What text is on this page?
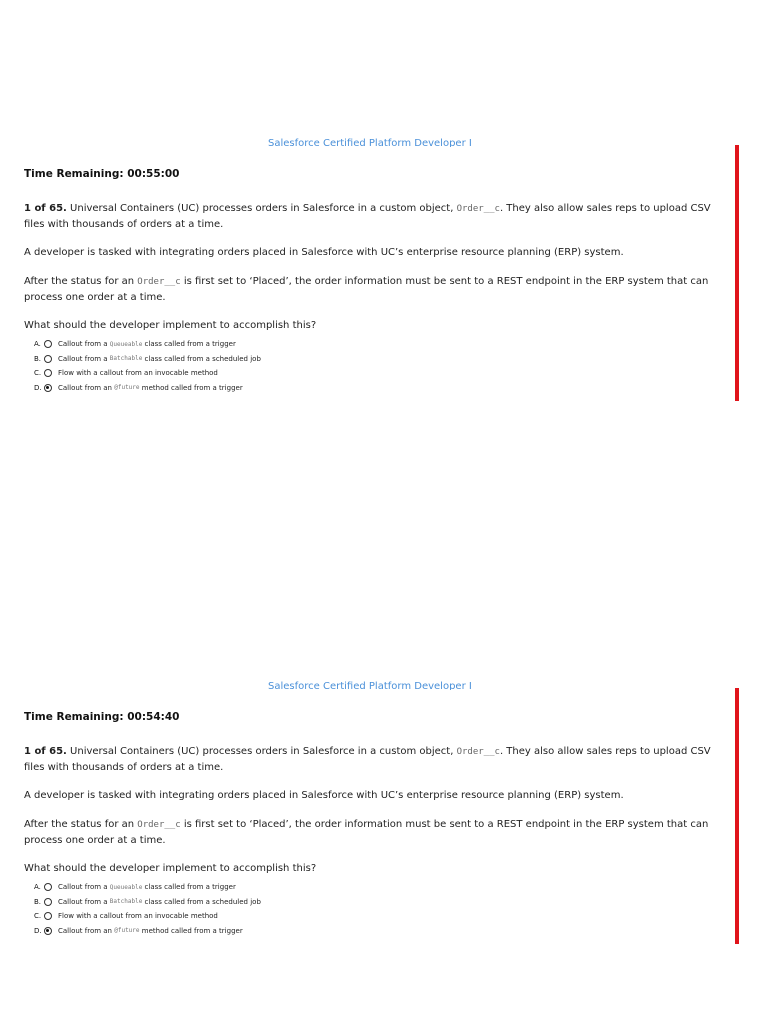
Salesforce Certified Platform Developer I
Time Remaining: 00:55:00
1 of 65. Universal Containers (UC) processes orders in Salesforce in a custom object, Order__c. They also allow sales reps to upload CSV files with thousands of orders at a time.
A developer is tasked with integrating orders placed in Salesforce with UC’s enterprise resource planning (ERP) system.
After the status for an Order__c is first set to ‘Placed’, the order information must be sent to a REST endpoint in the ERP system that can process one order at a time.
What should the developer implement to accomplish this?
A.	Callout from a
Queueable
class called from a trigger
B.	Callout from a
Batchable
class called from a scheduled job
C.	Flow with a callout from an invocable method
D.	Callout from an
@future
method called from a trigger
Salesforce Certified Platform Developer I
Time Remaining: 00:54:40
1 of 65. Universal Containers (UC) processes orders in Salesforce in a custom object, Order__c. They also allow sales reps to upload CSV files with thousands of orders at a time.
A developer is tasked with integrating orders placed in Salesforce with UC’s enterprise resource planning (ERP) system.
After the status for an Order__c is first set to ‘Placed’, the order information must be sent to a REST endpoint in the ERP system that can process one order at a time.
What should the developer implement to accomplish this?
A.	Callout from a
Queueable
class called from a trigger
B.	Callout from a
Batchable
class called from a scheduled job
C.	Flow with a callout from an invocable method
D.	Callout from an
@future
method called from a trigger
